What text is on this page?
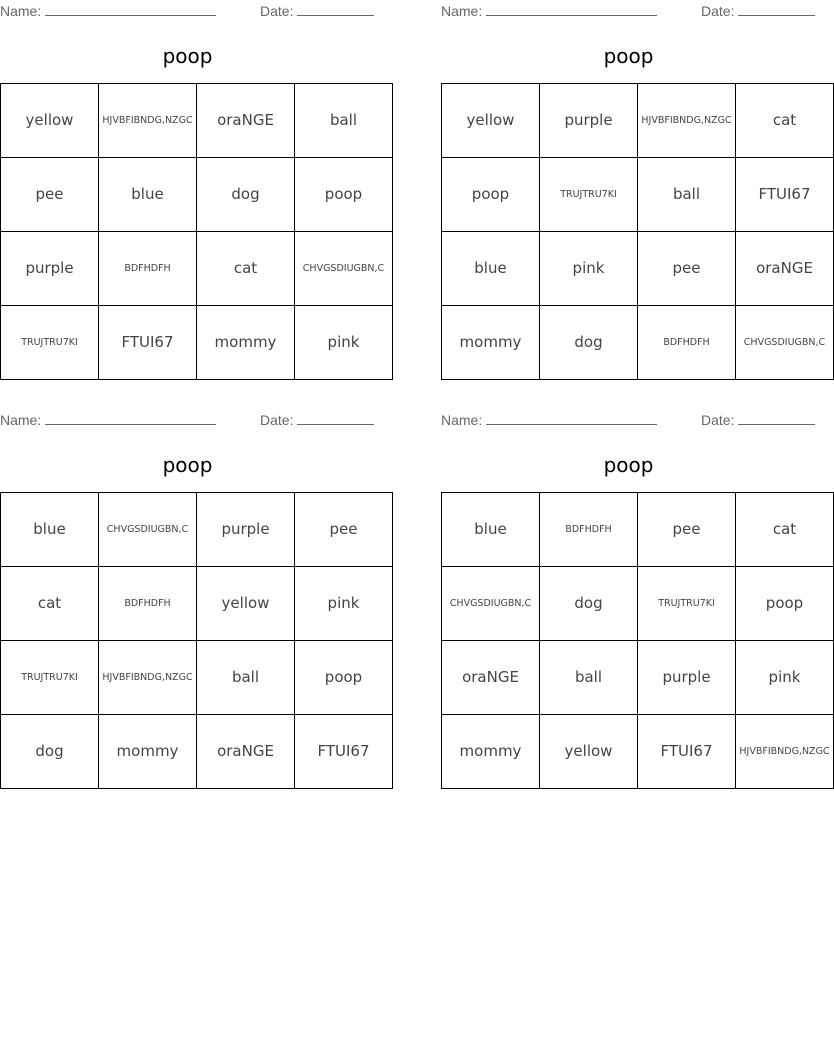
Name:	Date:
poop
yellow	HJVBFIBNDG,NZGC	oraNGE	ball
pee	blue	dog	poop
purple	BDFHDFH	cat	CHVGSDIUGBN,C
TRUJTRU7KI	FTUI67	mommy	pink
Name:	Date:
poop
yellow	purple	HJVBFIBNDG,NZGC	cat
poop	TRUJTRU7KI	ball	FTUI67
blue	pink	pee	oraNGE
mommy	dog	BDFHDFH	CHVGSDIUGBN,C
Name:	Date:
poop
blue	CHVGSDIUGBN,C	purple	pee
cat	BDFHDFH	yellow	pink
TRUJTRU7KI	HJVBFIBNDG,NZGC	ball	poop
dog	mommy	oraNGE	FTUI67
Name:	Date:
poop
blue	BDFHDFH	pee	cat
CHVGSDIUGBN,C	dog	TRUJTRU7KI	poop
oraNGE	ball	purple	pink
mommy	yellow	FTUI67	HJVBFIBNDG,NZGC
